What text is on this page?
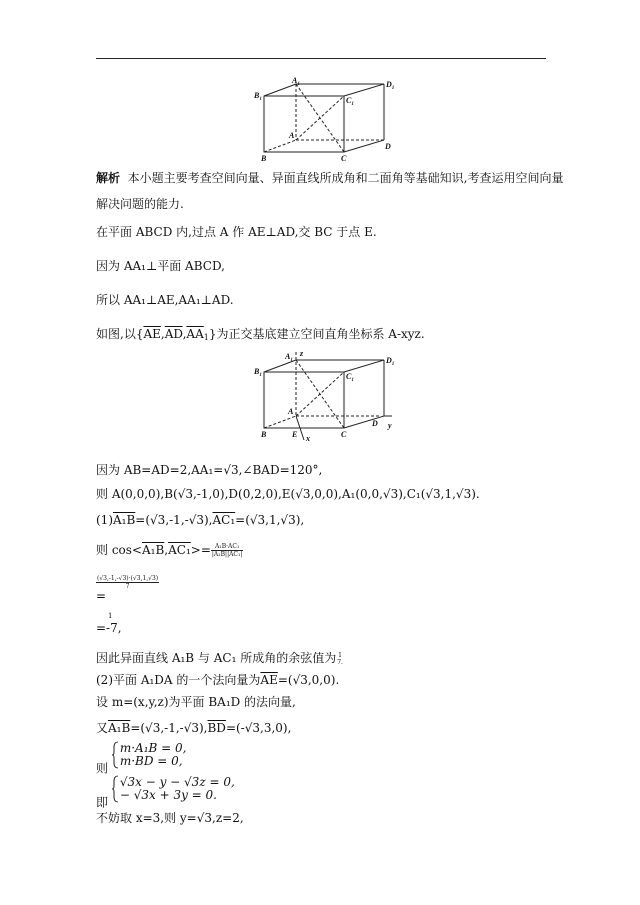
$A_1$
$B_1$	$C_1$
$D_1$
A
B	C
D
解析 本小题主要考查空间向量、异面直线所成角和二面角等基础知识,考查运用空间向量
解决问题的能力.
在平面 ABCD 内,过点 A 作 AE⊥AD,交 BC 于点 E.
因为 AA₁⊥平面 ABCD,
所以 AA₁⊥AE,AA₁⊥AD.
如图,以$\{\overline{AE},\overline{AD},\overline{AA}_1\}$为正交基底建立空间直角坐标系 A-xyz.
z
y
x
$A_1$
$B_1$	$C_1$
$D_1$
A
B	E	C
D
因为 AB=AD=2,AA₁=√3,∠BAD=120°,
则 A(0,0,0),B(√3,-1,0),D(0,2,0),E(√3,0,0),A₁(0,0,√3),C₁(√3,1,√3).
(1)A₁B=(√3,-1,-√3),AC₁=(√3,1,√3),
则 $\cos<A_1B,AC_1>= \frac{\text{A₁B·AC₁}}{\text{|A₁B||AC₁|}}$
$\frac{(√3,-1,-√3)\cdot(√3,1,√3)}{7}$
=
1
=-7,
因此异面直线 A₁B 与 AC₁ 所成角的余弦值为 1
7.
(2)平面 A₁DA 的一个法向量为$\overline{AE}=(√3,0,0)$.
设 m=(x,y,z)为平面 BA₁D 的法向量,
又$A_1B=(√3,-1,-√3),\overline{BD}=(-√3,3,0)$,
则
m·A₁B = 0,
m·BD = 0,
即
√3x − y − √3z = 0,
− √3x + 3y = 0.
不妨取 x=3,则 y=√3,z=2,
